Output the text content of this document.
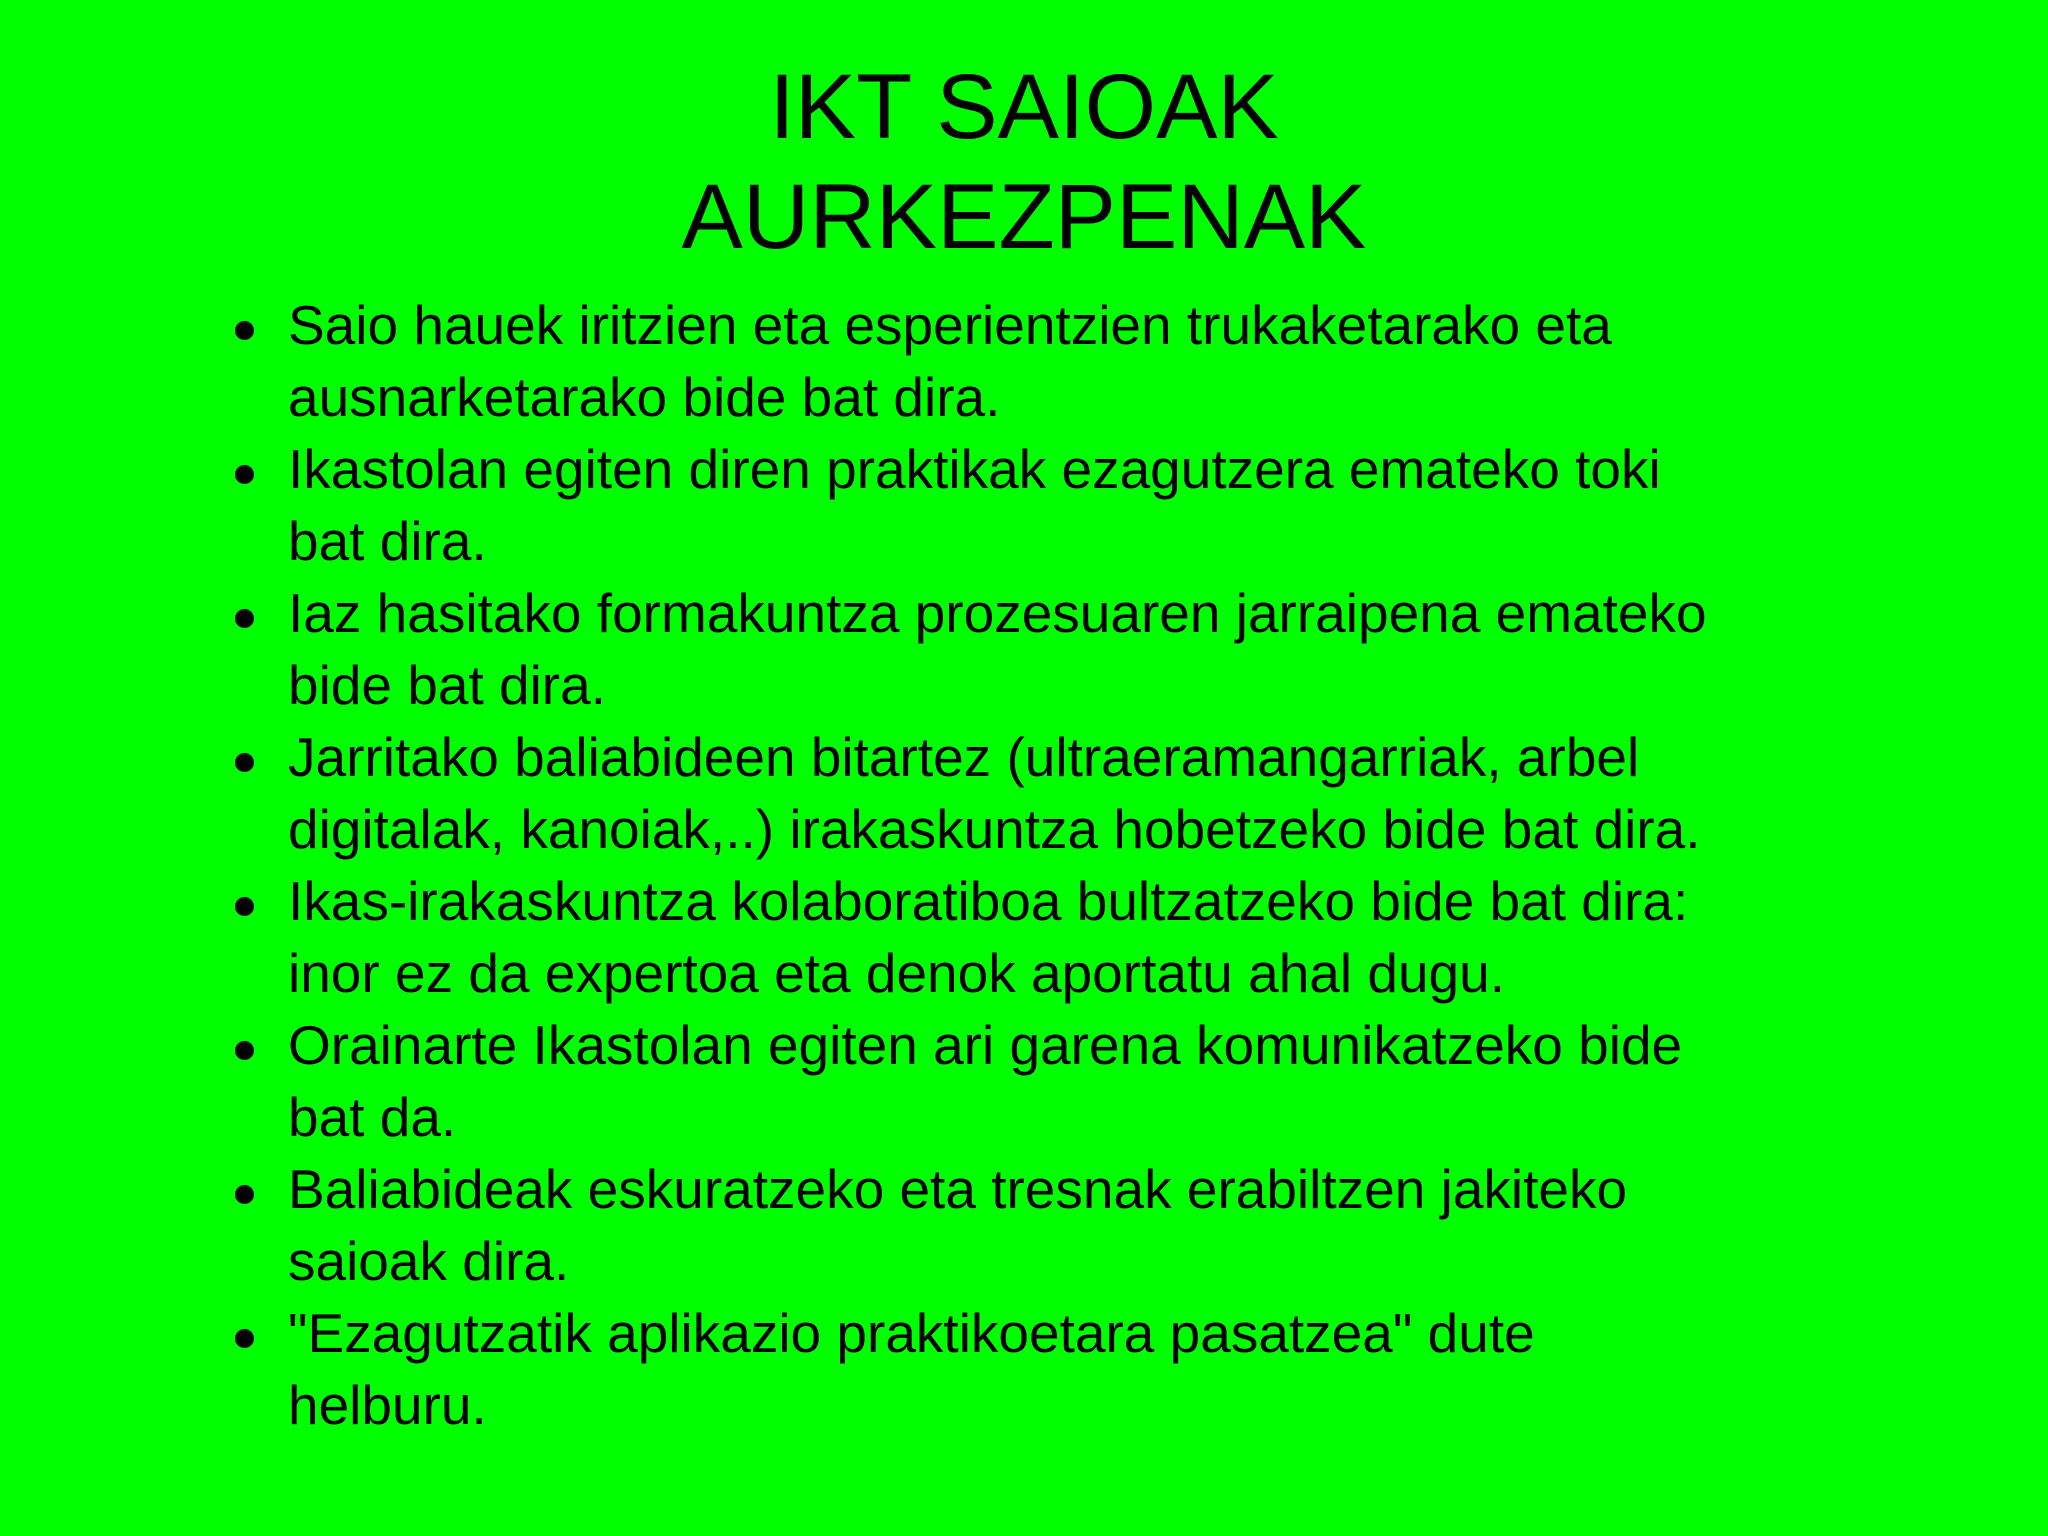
IKT SAIOAK
AURKEZPENAK
Saio hauek iritzien eta esperientzien trukaketarako eta
ausnarketarako bide bat dira.
Ikastolan egiten diren praktikak ezagutzera emateko toki
bat dira.
Iaz hasitako formakuntza prozesuaren jarraipena emateko
bide bat dira.
Jarritako baliabideen bitartez (ultraeramangarriak, arbel
digitalak, kanoiak,..) irakaskuntza hobetzeko bide bat dira.
Ikas-irakaskuntza kolaboratiboa bultzatzeko bide bat dira:
inor ez da expertoa eta denok aportatu ahal dugu.
Orainarte Ikastolan egiten ari garena komunikatzeko bide
bat da.
Baliabideak eskuratzeko eta tresnak erabiltzen jakiteko
saioak dira.
"Ezagutzatik aplikazio praktikoetara pasatzea" dute
helburu.
